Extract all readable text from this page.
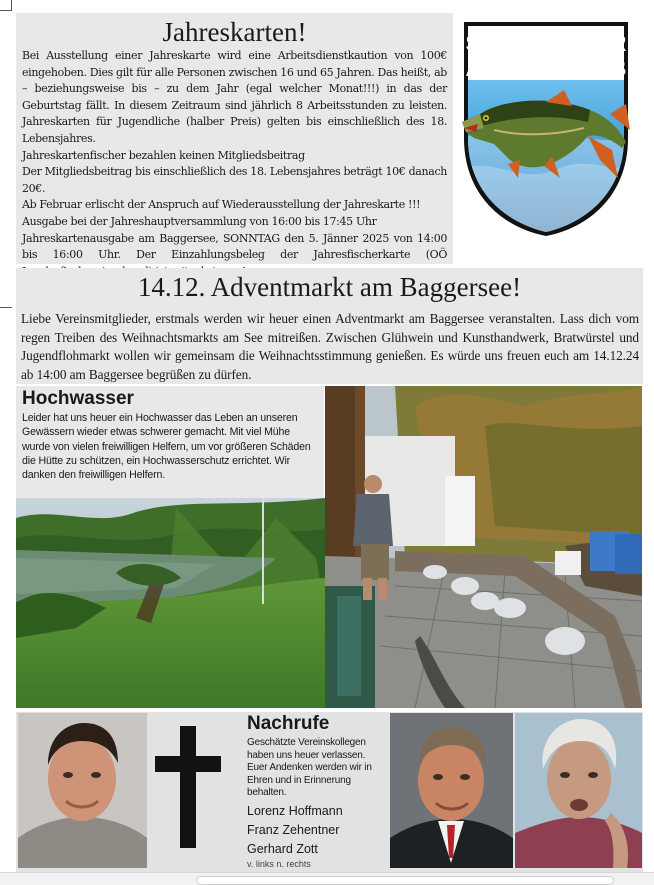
Jahreskarten!

Bei Ausstellung einer Jahreskarte wird eine Arbeitsdienstkaution von 100€ eingehoben. Dies gilt für alle Personen zwischen 16 und 65 Jahren. Das heißt, ab – beziehungsweise bis – zu dem Jahr (egal welcher Monat!!!) in das der Geburtstag fällt. In diesem Zeitraum sind jährlich 8 Arbeitsstunden zu leisten. Jahreskarten für Jugendliche (halber Preis) gelten bis einschließlich des 18. Lebensjahres.

Jahreskartenfischer bezahlen keinen Mitgliedsbeitrag

Der Mitgliedsbeitrag bis einschließlich des 18. Lebensjahres beträgt 10€ danach 20€.

Ab Februar erlischt der Anspruch auf Wiederausstellung der Jahreskarte !!!

Ausgabe bei der Jahreshauptversammlung von 16:00 bis 17:45 Uhr

Jahreskartenausgabe am Baggersee, SONNTAG den 5. Jänner 2025 von 14:00 bis 16:00 Uhr. Der Einzahlungsbeleg der Jahresfischerkarte (OÖ

SCHALCHNER
ANGLERCLUB
14.12. Adventmarkt am Baggersee!

Liebe Vereinsmitglieder, erstmals werden wir heuer einen Adventmarkt am Baggersee veranstalten. Lass dich vom regen Treiben des Weihnachtsmarkts am See mitreißen. Zwischen Glühwein und Kunsthandwerk, Bratwürstel und Jugendflohmarkt wollen wir gemeinsam die Weihnachtsstimmung genießen. Es würde uns freuen euch am 14.12.24 ab 14:00 am Baggersee begrüßen zu dürfen.

Hochwasser

Leider hat uns heuer ein Hochwasser das Leben an unseren Gewässern wieder etwas schwerer gemacht. Mit viel Mühe wurde von vielen freiwilligen Helfern, um vor größeren Schäden die Hütte zu schützen, ein Hochwasserschutz errichtet. Wir danken den freiwilligen Helfern.

Nachrufe

Geschätzte Vereinskollegen haben uns heuer verlassen. Euer Andenken werden wir in Ehren und in Erinnerung behalten.

Lorenz Hoffmann
Franz Zehentner
Gerhard Zott
v. links n. rechts
